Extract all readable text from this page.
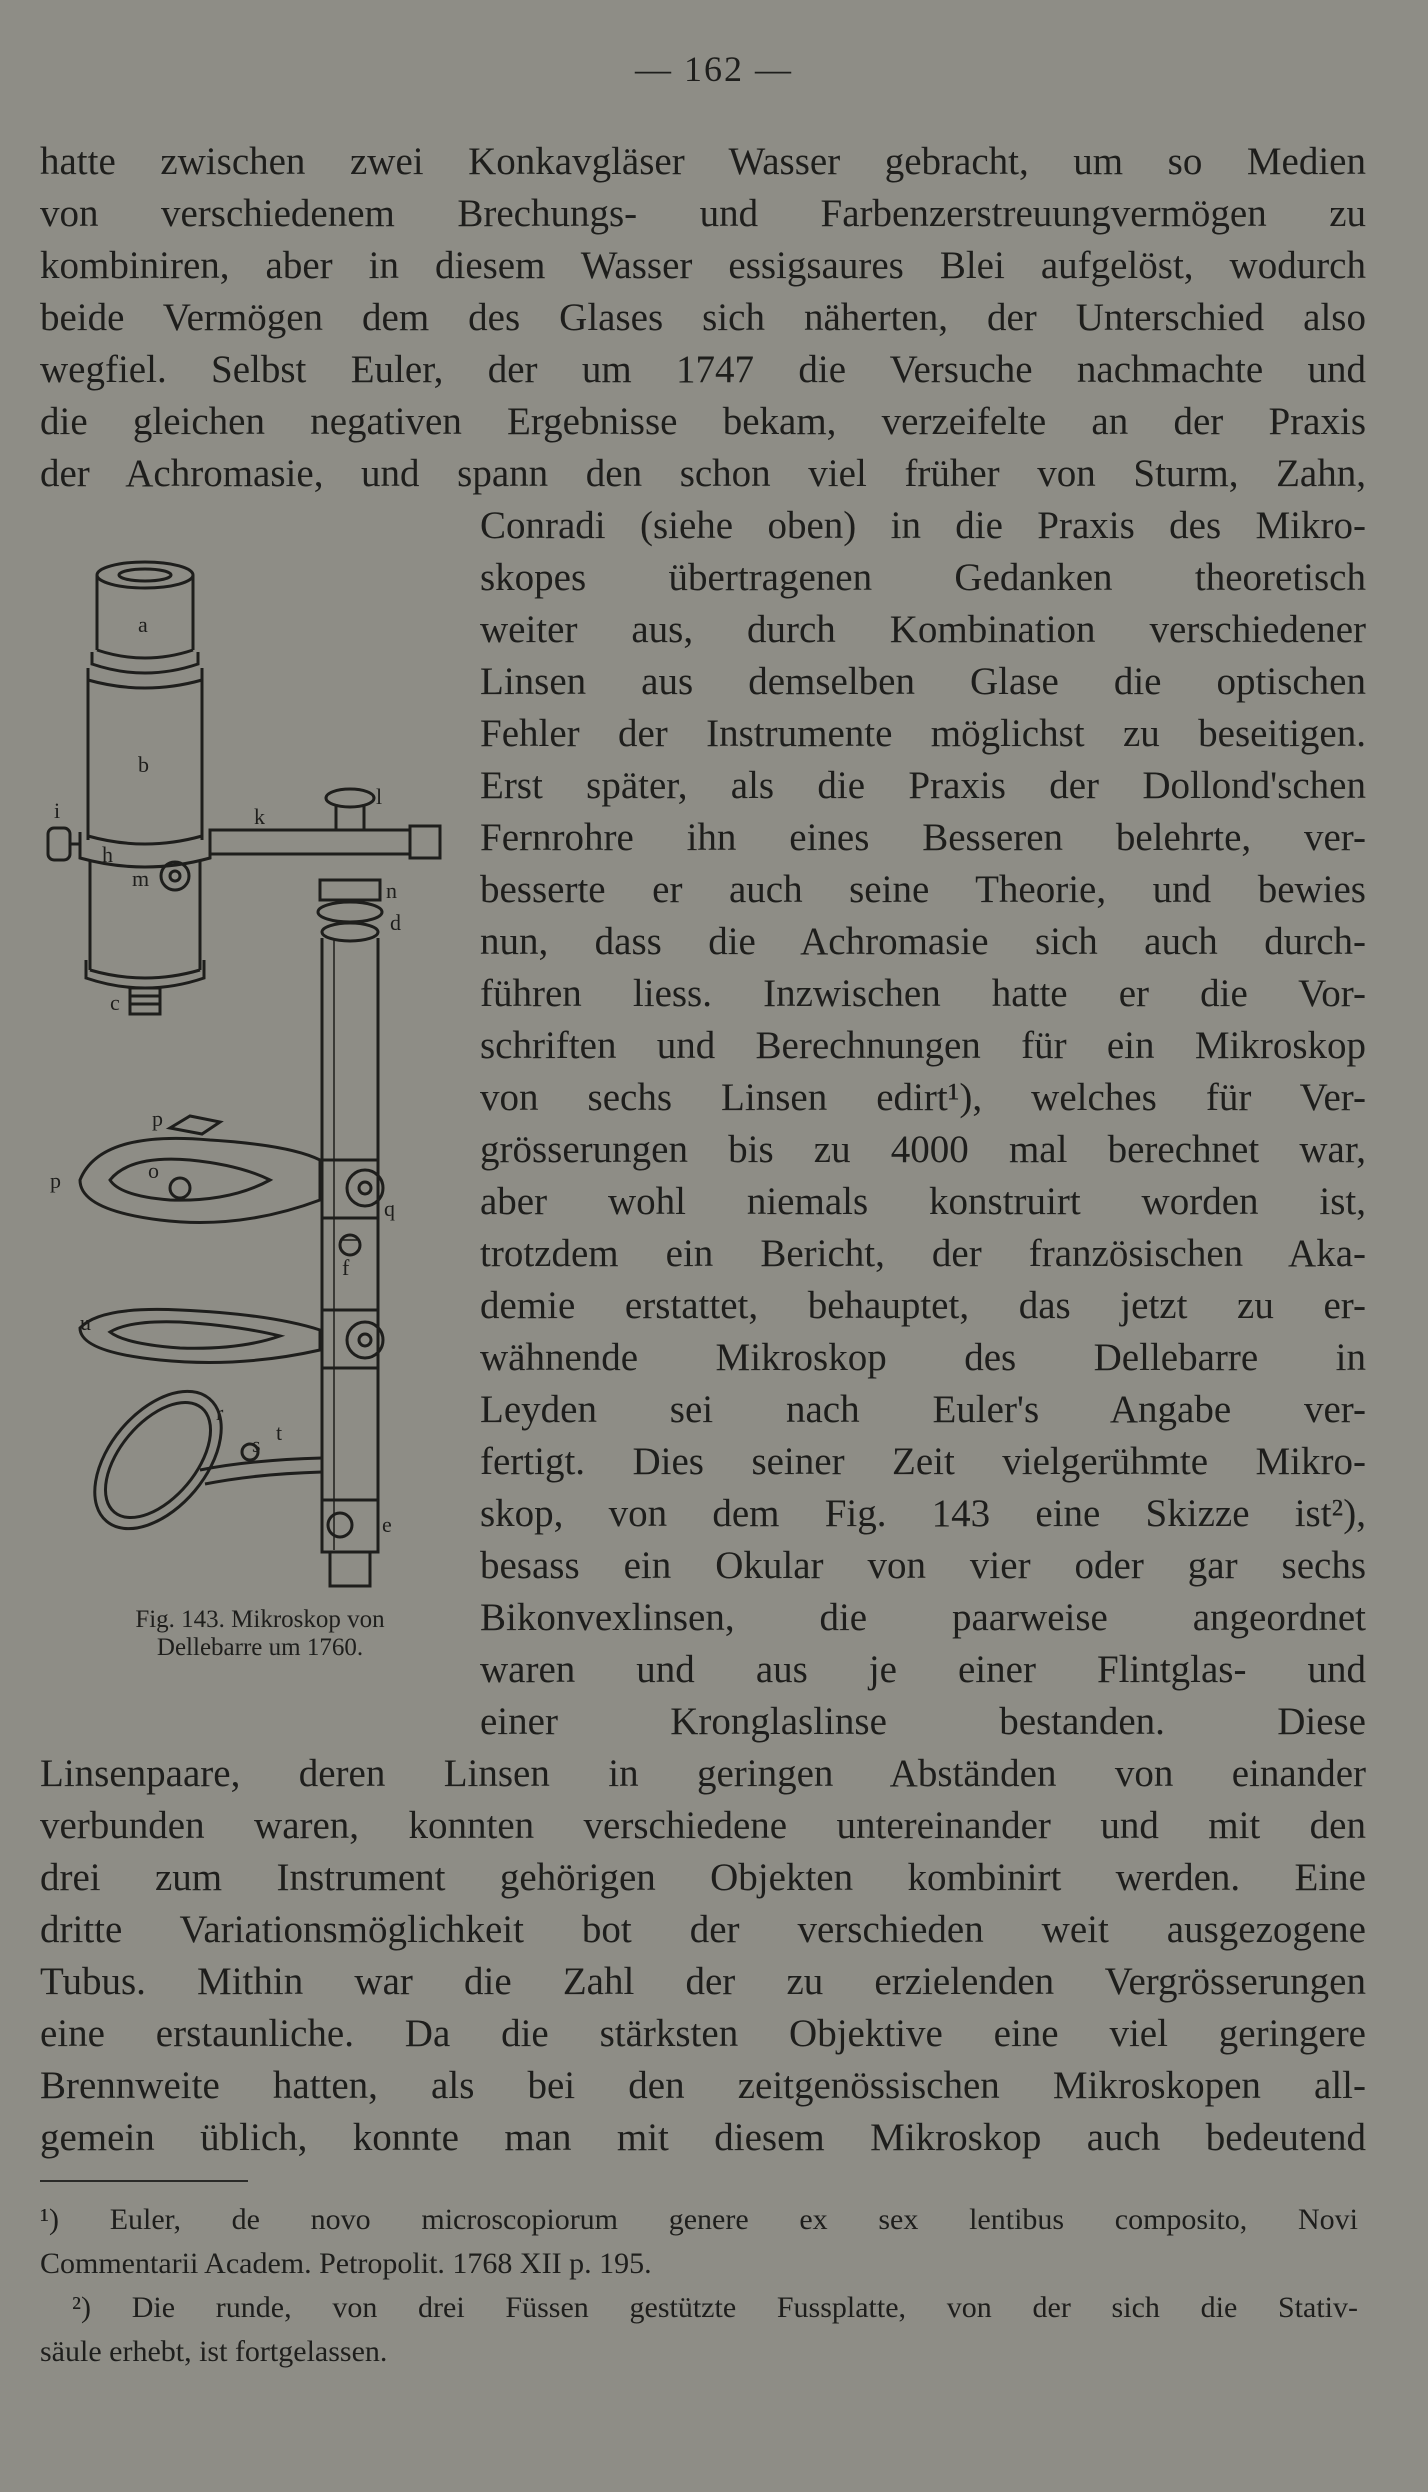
— 162 —
hatte zwischen zwei Konkavgläser Wasser gebracht, um so Medien
von verschiedenem Brechungs- und Farbenzerstreuungvermögen zu
kombiniren, aber in diesem Wasser essigsaures Blei aufgelöst, wodurch
beide Vermögen dem des Glases sich näherten, der Unterschied also
wegfiel. Selbst Euler, der um 1747 die Versuche nachmachte und
die gleichen negativen Ergebnisse bekam, verzeifelte an der Praxis
der Achromasie, und spann den schon viel früher von Sturm, Zahn,
Conradi (siehe oben) in die Praxis des Mikro-
skopes übertragenen Gedanken theoretisch
weiter aus, durch Kombination verschiedener
Linsen aus demselben Glase die optischen
Fehler der Instrumente möglichst zu beseitigen.
Erst später, als die Praxis der Dollond'schen
Fernrohre ihn eines Besseren belehrte, ver-
besserte er auch seine Theorie, und bewies
nun, dass die Achromasie sich auch durch-
führen liess. Inzwischen hatte er die Vor-
schriften und Berechnungen für ein Mikroskop
von sechs Linsen edirt¹), welches für Ver-
grösserungen bis zu 4000 mal berechnet war,
aber wohl niemals konstruirt worden ist,
trotzdem ein Bericht, der französischen Aka-
demie erstattet, behauptet, das jetzt zu er-
wähnende Mikroskop des Dellebarre in
Leyden sei nach Euler's Angabe ver-
fertigt. Dies seiner Zeit vielgerühmte Mikro-
skop, von dem Fig. 143 eine Skizze ist²),
besass ein Okular von vier oder gar sechs
Bikonvexlinsen, die paarweise angeordnet
waren und aus je einer Flintglas- und
einer Kronglaslinse bestanden. Diese
Linsenpaare, deren Linsen in geringen Abständen von einander
verbunden waren, konnten verschiedene untereinander und mit den
drei zum Instrument gehörigen Objekten kombinirt werden. Eine
dritte Variationsmöglichkeit bot der verschieden weit ausgezogene
Tubus. Mithin war die Zahl der zu erzielenden Vergrösserungen
eine erstaunliche. Da die stärksten Objektive eine viel geringere
Brennweite hatten, als bei den zeitgenössischen Mikroskopen all-
gemein üblich, konnte man mit diesem Mikroskop auch bedeutend
a
b
c
d
e
f
h
i	k
l
m	n
o
p
p
q
r
s t
u
Fig. 143. Mikroskop von
Dellebarre um 1760.
¹) Euler, de novo microscopiorum genere ex sex lentibus composito, Novi
Commentarii Academ. Petropolit. 1768 XII p. 195.
²) Die runde, von drei Füssen gestützte Fussplatte, von der sich die Stativ-
säule erhebt, ist fortgelassen.
